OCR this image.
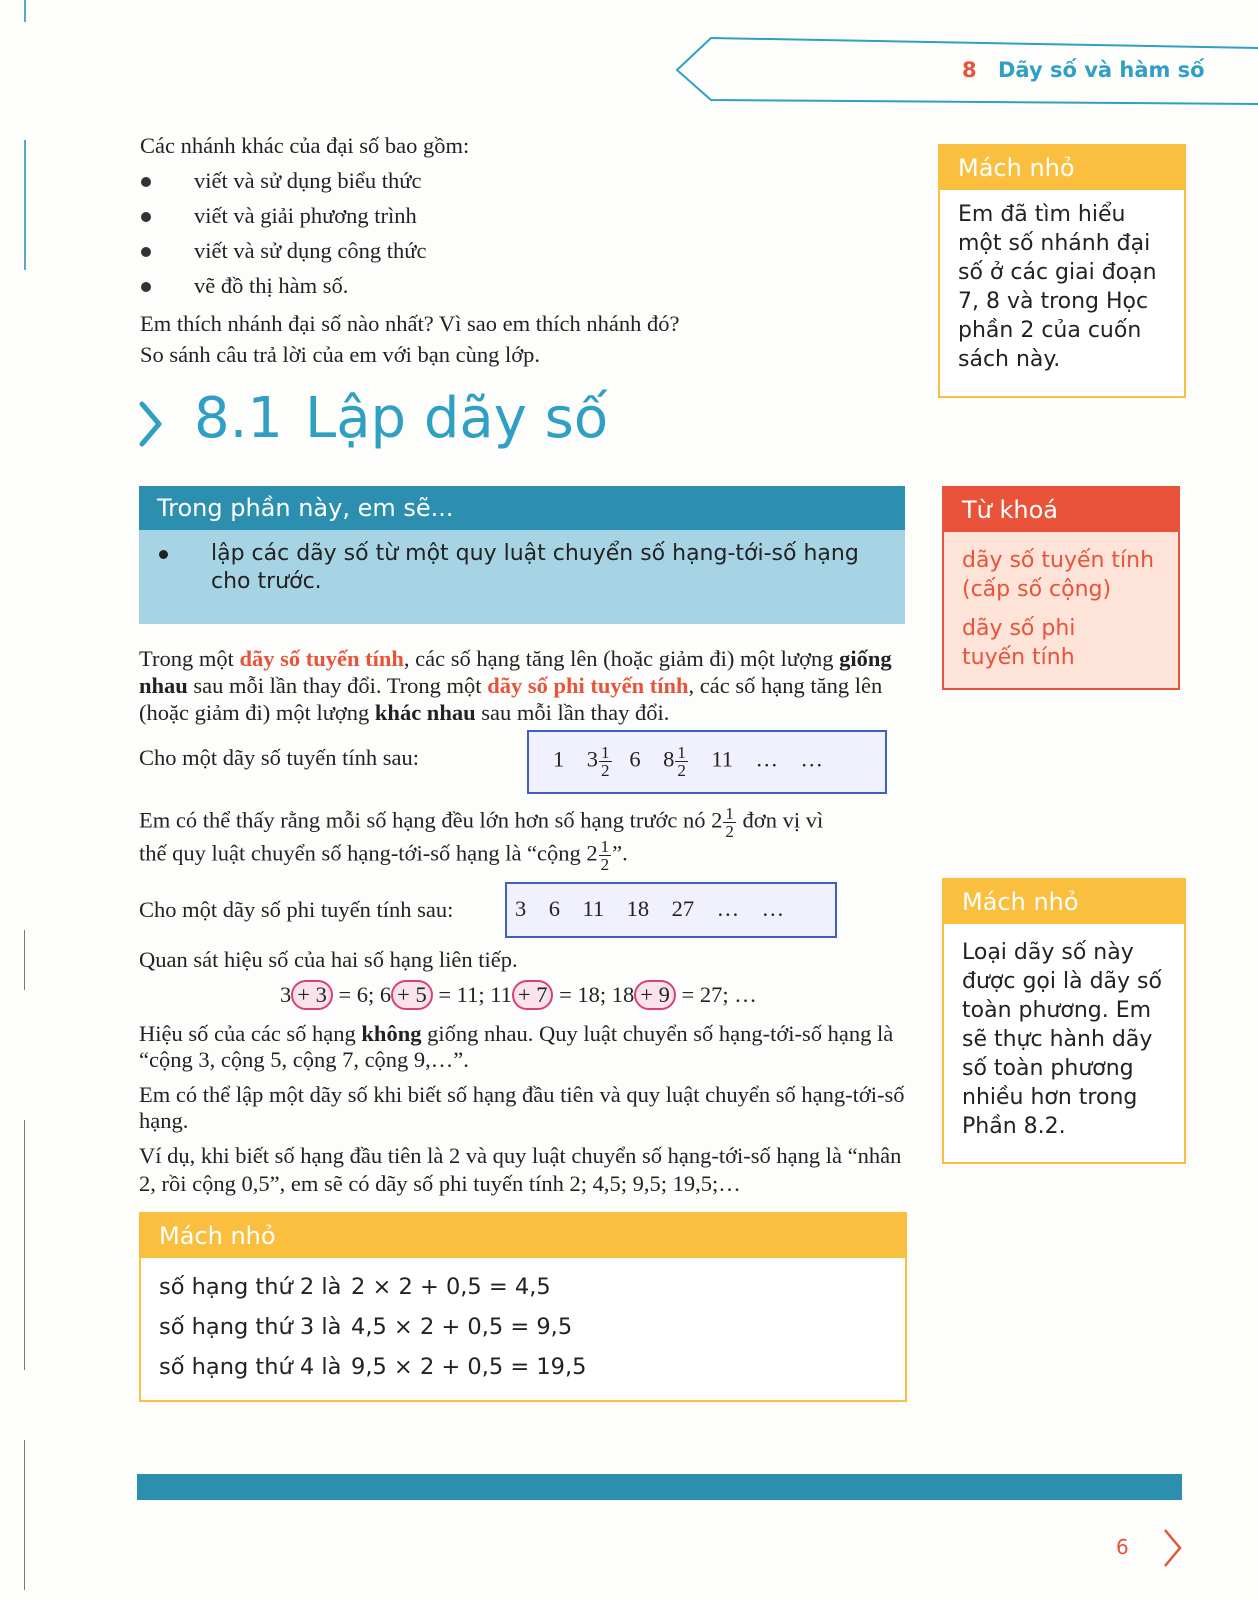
8 Dãy số và hàm số
Các nhánh khác của đại số bao gồm:
viết và sử dụng biểu thức
viết và giải phương trình
viết và sử dụng công thức
vẽ đồ thị hàm số.
Em thích nhánh đại số nào nhất? Vì sao em thích nhánh đó?
So sánh câu trả lời của em với bạn cùng lớp.
8.1 Lập dãy số
Trong phần này, em sẽ...
lập các dãy số từ một quy luật chuyển số hạng-tới-số hạng cho trước.
Trong một dãy số tuyến tính, các số hạng tăng lên (hoặc giảm đi) một lượng giống nhau sau mỗi lần thay đổi. Trong một dãy số phi tuyến tính, các số hạng tăng lên (hoặc giảm đi) một lượng khác nhau sau mỗi lần thay đổi.
Cho một dãy số tuyến tính sau:	1 $3 \frac{1}{2} 6$ $8 \frac{1}{2} 11$ … …
Em có thể thấy rằng mỗi số hạng đều lớn hơn số hạng trước nó $2 \frac{1}{2}$ đơn vị vì
thế quy luật chuyển số hạng-tới-số hạng là “cộng $2 \frac{1}{2}$ ”.
Cho một dãy số phi tuyến tính sau:	3 6 11 18 27 … …
Quan sát hiệu số của hai số hạng liên tiếp.
3 + 3 = 6; 6 + 5 = 11; 11 + 7 = 18; 18 + 9 = 27; …
Hiệu số của các số hạng không giống nhau. Quy luật chuyển số hạng-tới-số hạng là “cộng 3, cộng 5, cộng 7, cộng 9,…”.
Em có thể lập một dãy số khi biết số hạng đầu tiên và quy luật chuyển số hạng-tới-số hạng.
Ví dụ, khi biết số hạng đầu tiên là 2 và quy luật chuyển số hạng-tới-số hạng là “nhân 2, rồi cộng 0,5”, em sẽ có dãy số phi tuyến tính 2; 4,5; 9,5; 19,5;…
Mách nhỏ
số hạng thứ 2 là 2 × 2 + 0,5 = 4,5
số hạng thứ 3 là 4,5 × 2 + 0,5 = 9,5
số hạng thứ 4 là 9,5 × 2 + 0,5 = 19,5
Mách nhỏ
Em đã tìm hiểu một số nhánh đại số ở các giai đoạn 7, 8 và trong Học phần 2 của cuốn sách này.
Từ khoá
dãy số tuyến tính (cấp số cộng)
dãy số phi tuyến tính
Mách nhỏ
Loại dãy số này được gọi là dãy số toàn phương. Em sẽ thực hành dãy số toàn phương nhiều hơn trong Phần 8.2.
6
